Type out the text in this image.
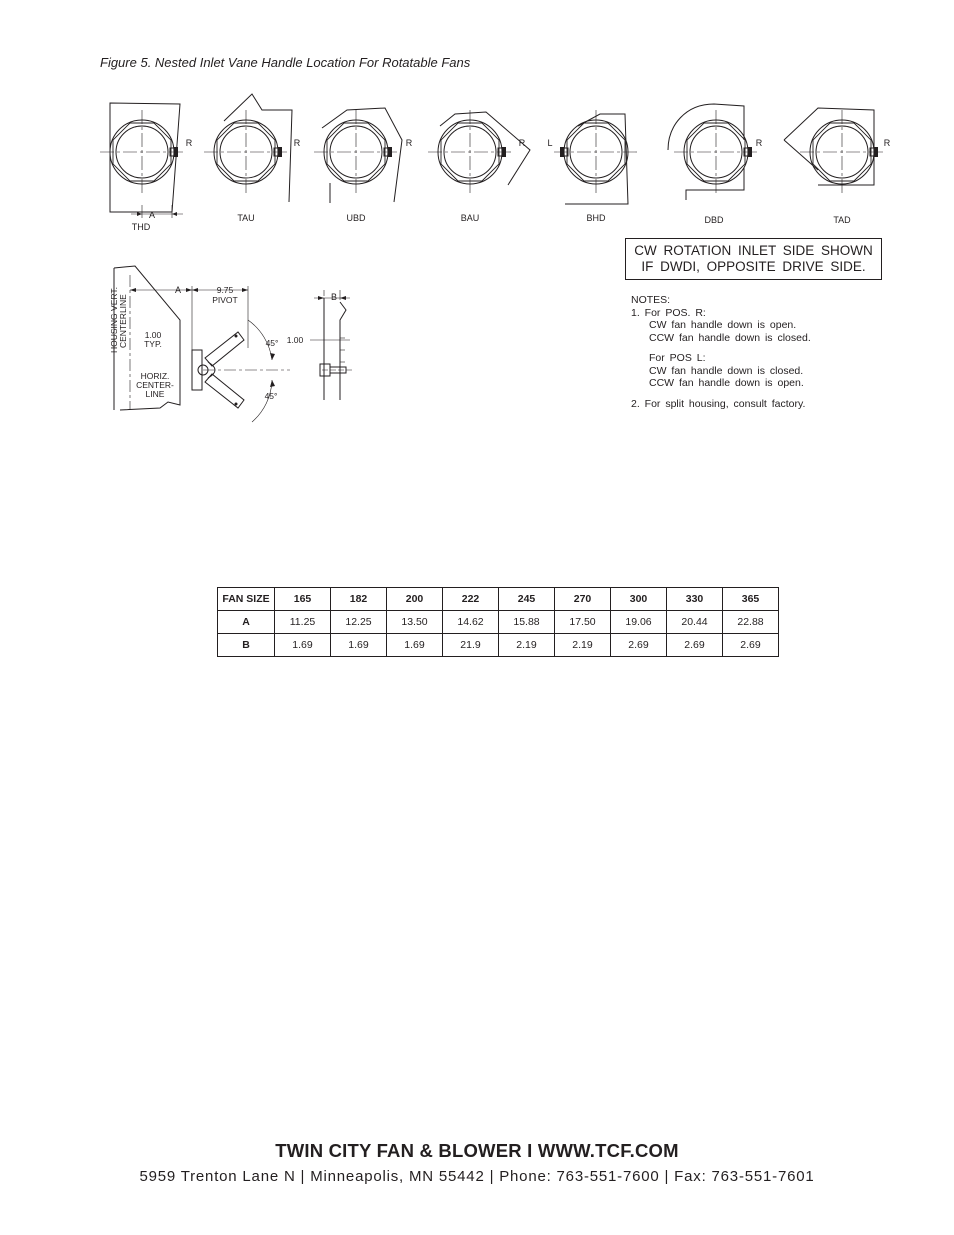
Figure 5. Nested Inlet Vane Handle Location For Rotatable Fans
A
R
THD
R
TAU
R
UBD
R
BAU
L
BHD
R
DBD
R
TAD
HOUSING VERT. CENTERLINE
A
1.00
TYP.
HORIZ.
CENTER-
LINE
9.75
PIVOT
45°
45°
B
1.00
CW ROTATION INLET SIDE SHOWN
IF DWDI, OPPOSITE DRIVE SIDE.
NOTES:
1. For POS. R:
CW fan handle down is open.
CCW fan handle down is closed.
For POS L:
CW fan handle down is closed.
CCW fan handle down is open.
2. For split housing, consult factory.
FAN SIZE	165	182	200	222	245	270	300	330	365
A	11.25	12.25	13.50	14.62	15.88	17.50	19.06	20.44	22.88
B	1.69	1.69	1.69	21.9	2.19	2.19	2.69	2.69	2.69
TWIN CITY FAN & BLOWER I WWW.TCF.COM
5959 Trenton Lane N | Minneapolis, MN 55442 | Phone: 763-551-7600 | Fax: 763-551-7601
